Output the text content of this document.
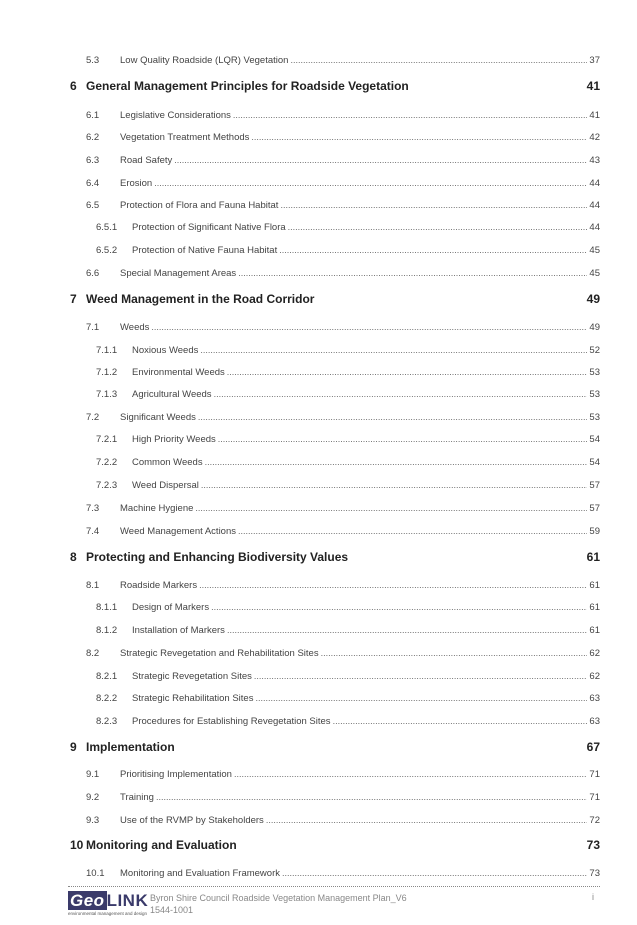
5.3	Low Quality Roadside (LQR) Vegetation .....	37
6 General Management Principles for Roadside Vegetation	41
6.1	Legislative Considerations .....	41
6.2	Vegetation Treatment Methods .....	42
6.3	Road Safety .....	43
6.4	Erosion .....	44
6.5	Protection of Flora and Fauna Habitat .....	44
6.5.1	Protection of Significant Native Flora .....	44
6.5.2	Protection of Native Fauna Habitat .....	45
6.6	Special Management Areas .....	45
7 Weed Management in the Road Corridor	49
7.1	Weeds .....	49
7.1.1	Noxious Weeds .....	52
7.1.2	Environmental Weeds .....	53
7.1.3	Agricultural Weeds .....	53
7.2	Significant Weeds .....	53
7.2.1	High Priority Weeds .....	54
7.2.2	Common Weeds .....	54
7.2.3	Weed Dispersal .....	57
7.3	Machine Hygiene .....	57
7.4	Weed Management Actions .....	59
8 Protecting and Enhancing Biodiversity Values	61
8.1	Roadside Markers .....	61
8.1.1	Design of Markers .....	61
8.1.2	Installation of Markers .....	61
8.2	Strategic Revegetation and Rehabilitation Sites .....	62
8.2.1	Strategic Revegetation Sites .....	62
8.2.2	Strategic Rehabilitation Sites .....	63
8.2.3	Procedures for Establishing Revegetation Sites .....	63
9 Implementation	67
9.1	Prioritising Implementation .....	71
9.2	Training .....	71
9.3	Use of the RVMP by Stakeholders .....	72
10 Monitoring and Evaluation	73
10.1	Monitoring and Evaluation Framework .....	73
Geo LINK
environmental management and design
Byron Shire Council Roadside Vegetation Management Plan_V6
1544-1001
i
